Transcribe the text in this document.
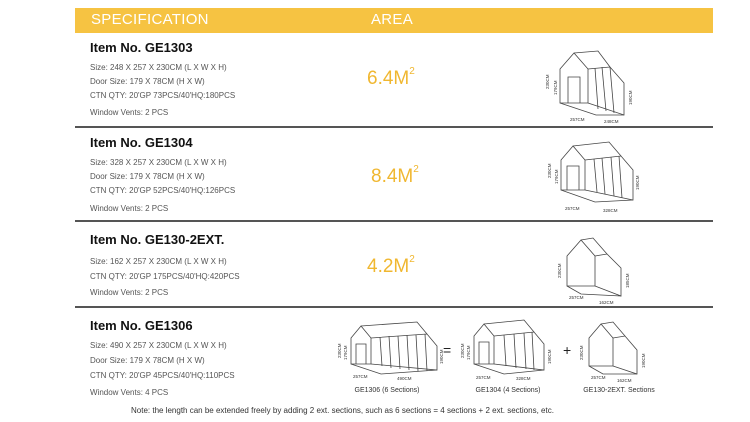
SPECIFICATION	AREA
Item No. GE1303
Size: 248 X 257 X 230CM (L X W X H)
Door Size: 179 X 78CM (H X W)
CTN QTY: 20'GP 73PCS/40'HQ:180PCS
Window Vents: 2 PCS
$6.4M^2$
230CM 179CM
190CM
257CM	248CM
Item No. GE1304
Size: 328 X 257 X 230CM (L X W X H)
Door Size: 179 X 78CM (H X W)
CTN QTY: 20'GP 52PCS/40'HQ:126PCS
Window Vents: 2 PCS
$8.4M^2$	230CM 179CM	190CM
257CM	328CM
Item No. GE130-2EXT.
Size: 162 X 257 X 230CM (L X W X H)
CTN QTY: 20'GP 175PCS/40'HQ:420PCS
Window Vents: 2 PCS
$4.2M^2$
230CM
185CM
257CM
162CM
Item No. GE1306
Size: 490 X 257 X 230CM (L X W X H)
Door Size: 179 X 78CM (H X W)
CTN QTY: 20'GP 45PCS/40'HQ:110PCS
Window Vents: 4 PCS
230CM 179CM	190CM
257CM	490CM
GE1306 (6 Sections)
= 230CM 179CM	190CM
257CM	328CM
GE1304 (4 Sections)
+ 230CM
190CM
257CM
162CM
GE130-2EXT. Sections
Note: the length can be extended freely by adding 2 ext. sections, such as 6 sections = 4 sections + 2 ext. sections, etc.
